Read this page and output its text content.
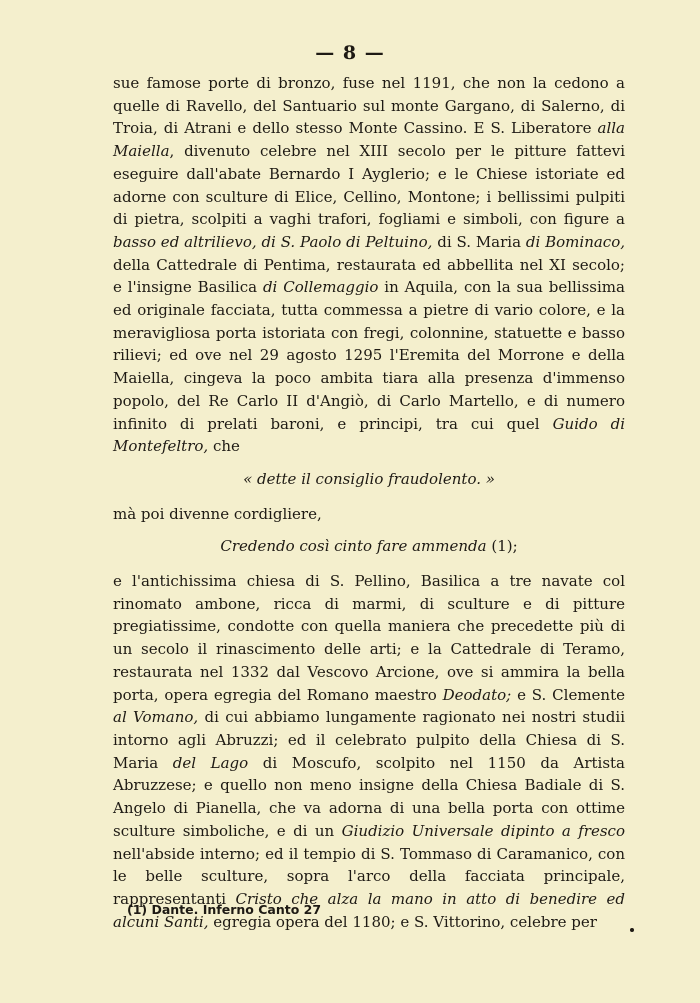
— 8 —

sue famose porte di bronzo, fuse nel 1191, che non la cedono a quelle di Ravello, del Santuario sul monte Gargano, di Salerno, di Troia, di Atrani e dello stesso Monte Cassino. E S. Liberatore alla Maiella, divenuto celebre nel XIII secolo per le pitture fattevi eseguire dall'abate Bernardo I Ayglerio; e le Chiese istoriate ed adorne con sculture di Elice, Cellino, Montone; i bellissimi pulpiti di pietra, scolpiti a vaghi trafori, fogliami e simboli, con figure a basso ed altrilievo, di S. Paolo di Peltuino, di S. Maria di Bominaco, della Cattedrale di Pentima, restaurata ed abbellita nel XI secolo; e l'insigne Basilica di Collemaggio in Aquila, con la sua bellissima ed originale facciata, tutta commessa a pietre di vario colore, e la meravigliosa porta istoriata con fregi, colonnine, statuette e basso rilievi; ed ove nel 29 agosto 1295 l'Eremita del Morrone e della Maiella, cingeva la poco ambita tiara alla presenza d'immenso popolo, del Re Carlo II d'Angiò, di Carlo Martello, e di numero infinito di prelati baroni, e principi, tra cui quel Guido di Montefeltro, che

« dette il consiglio fraudolento. »

mà poi divenne cordigliere,

Credendo così cinto fare ammenda (1);

e l'antichissima chiesa di S. Pellino, Basilica a tre navate col rinomato ambone, ricca di marmi, di sculture e di pitture pregiatissime, condotte con quella maniera che precedette più di un secolo il rinascimento delle arti; e la Cattedrale di Teramo, restaurata nel 1332 dal Vescovo Arcione, ove si ammira la bella porta, opera egregia del Romano maestro Deodato; e S. Clemente al Vomano, di cui abbiamo lungamente ragionato nei nostri studii intorno agli Abruzzi; ed il celebrato pulpito della Chiesa di S. Maria del Lago di Moscufo, scolpito nel 1150 da Artista Abruzzese; e quello non meno insigne della Chiesa Badiale di S. Angelo di Pianella, che va adorna di una bella porta con ottime sculture simboliche, e di un Giudizio Universale dipinto a fresco nell'abside interno; ed il tempio di S. Tommaso di Caramanico, con le belle sculture, sopra l'arco della facciata principale, rappresentanti Cristo che alza la mano in atto di benedire ed alcuni Santi, egregia opera del 1180; e S. Vittorino, celebre per

(1) Dante. Inferno Canto 27
